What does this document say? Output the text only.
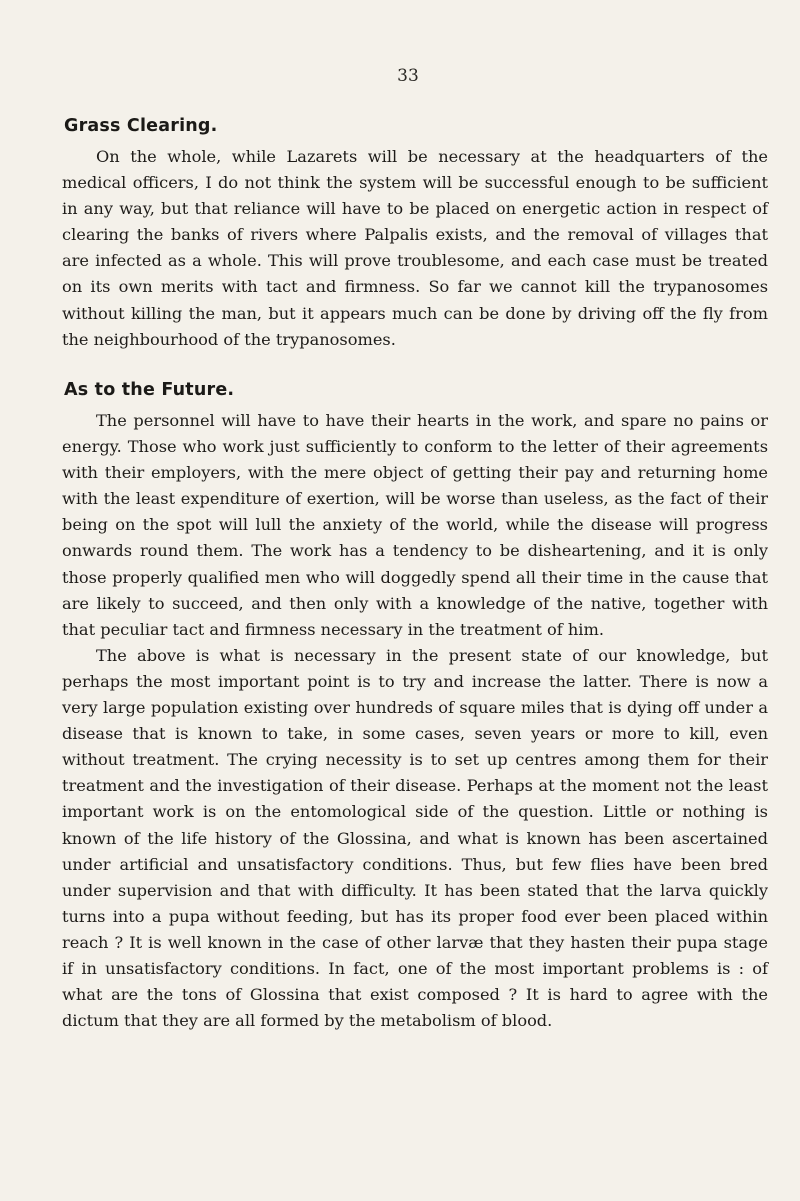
33
Grass Clearing.

On the whole, while Lazarets will be necessary at the headquarters of the medical officers, I do not think the system will be successful enough to be sufficient in any way, but that reliance will have to be placed on energetic action in respect of clearing the banks of rivers where Palpalis exists, and the removal of villages that are infected as a whole. This will prove troublesome, and each case must be treated on its own merits with tact and firmness. So far we cannot kill the trypanosomes without killing the man, but it appears much can be done by driving off the fly from the neighbourhood of the trypanosomes.

As to the Future.

The personnel will have to have their hearts in the work, and spare no pains or energy. Those who work just sufficiently to conform to the letter of their agreements with their employers, with the mere object of getting their pay and returning home with the least expenditure of exertion, will be worse than useless, as the fact of their being on the spot will lull the anxiety of the world, while the disease will progress onwards round them. The work has a tendency to be disheartening, and it is only those properly qualified men who will doggedly spend all their time in the cause that are likely to succeed, and then only with a knowledge of the native, together with that peculiar tact and firmness necessary in the treatment of him.

The above is what is necessary in the present state of our knowledge, but perhaps the most important point is to try and increase the latter. There is now a very large population existing over hundreds of square miles that is dying off under a disease that is known to take, in some cases, seven years or more to kill, even without treatment. The crying necessity is to set up centres among them for their treatment and the investigation of their disease. Perhaps at the moment not the least important work is on the entomological side of the question. Little or nothing is known of the life history of the Glossina, and what is known has been ascertained under artificial and unsatisfactory conditions. Thus, but few flies have been bred under supervision and that with difficulty. It has been stated that the larva quickly turns into a pupa without feeding, but has its proper food ever been placed within reach ? It is well known in the case of other larvæ that they hasten their pupa stage if in unsatisfactory conditions. In fact, one of the most important problems is : of what are the tons of Glossina that exist composed ? It is hard to agree with the dictum that they are all formed by the metabolism of blood.
